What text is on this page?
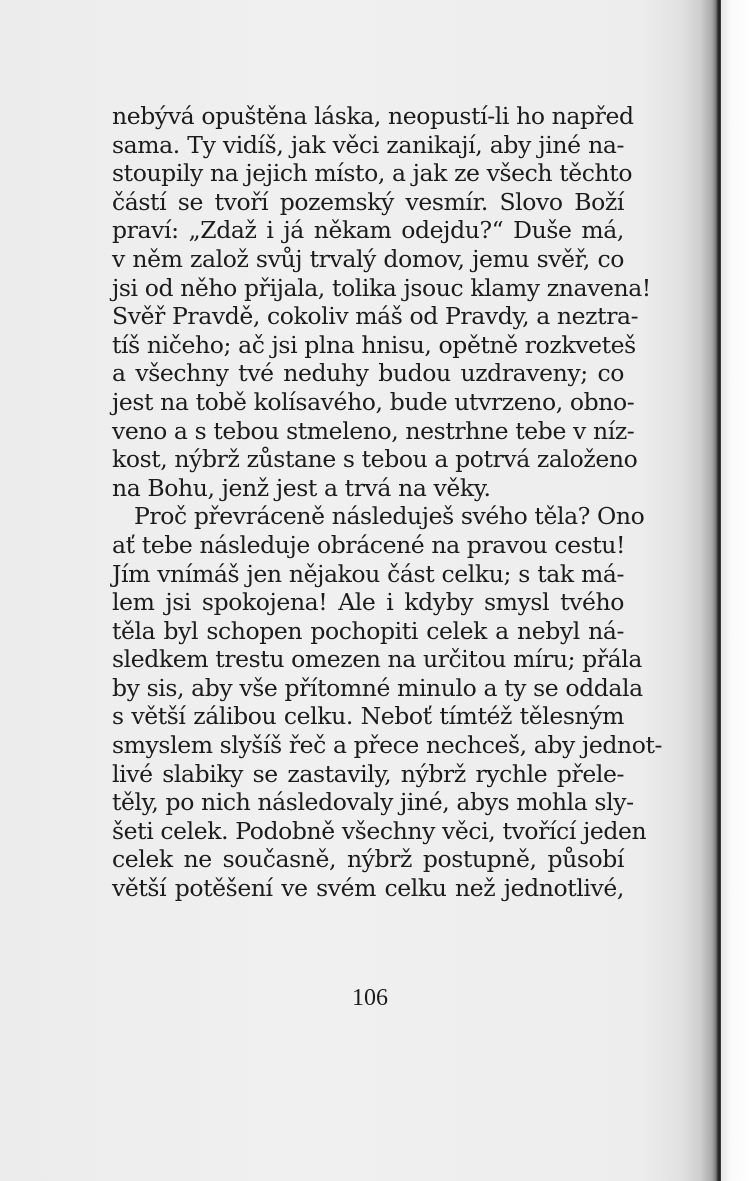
nebývá opuštěna láska, neopustí-li ho napřed
sama. Ty vidíš, jak věci zanikají, aby jiné na-
stoupily na jejich místo, a jak ze všech těchto
částí se tvoří pozemský vesmír. Slovo Boží
praví: „Zdaž i já někam odejdu?“ Duše má,
v něm založ svůj trvalý domov, jemu svěř, co
jsi od něho přijala, tolika jsouc klamy znavena!
Svěř Pravdě, cokoliv máš od Pravdy, a neztra-
tíš ničeho; ač jsi plna hnisu, opětně rozkveteš
a všechny tvé neduhy budou uzdraveny; co
jest na tobě kolísavého, bude utvrzeno, obno-
veno a s tebou stmeleno, nestrhne tebe v níz-
kost, nýbrž zůstane s tebou a potrvá založeno
na Bohu, jenž jest a trvá na věky.
Proč převráceně následuješ svého těla? Ono
ať tebe následuje obrácené na pravou cestu!
Jím vnímáš jen nějakou část celku; s tak má-
lem jsi spokojena! Ale i kdyby smysl tvého
těla byl schopen pochopiti celek a nebyl ná-
sledkem trestu omezen na určitou míru; přála
by sis, aby vše přítomné minulo a ty se oddala
s větší zálibou celku. Neboť tímtéž tělesným
smyslem slyšíš řeč a přece nechceš, aby jednot-
livé slabiky se zastavily, nýbrž rychle přele-
těly, po nich následovaly jiné, abys mohla sly-
šeti celek. Podobně všechny věci, tvořící jeden
celek ne současně, nýbrž postupně, působí
větší potěšení ve svém celku než jednotlivé,
106
